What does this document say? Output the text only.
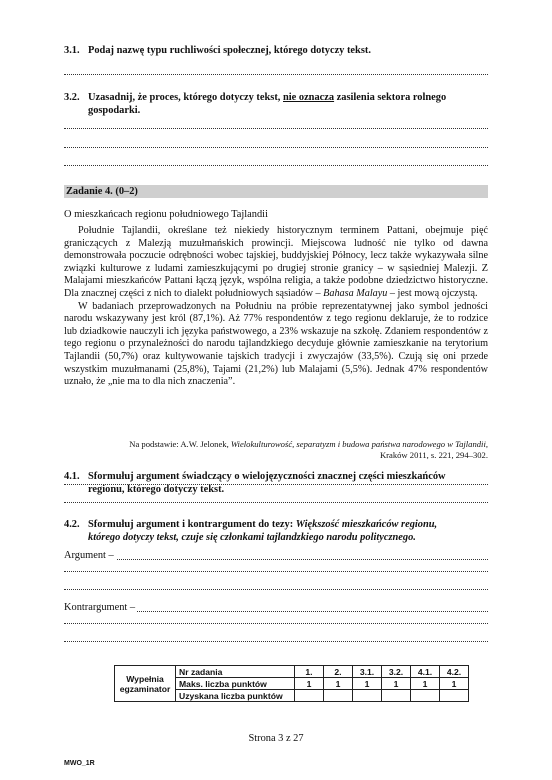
3.1. Podaj nazwę typu ruchliwości społecznej, którego dotyczy tekst.
3.2. Uzasadnij, że proces, którego dotyczy tekst, nie oznacza zasilenia sektora rolnego
gospodarki.
Zadanie 4. (0–2)
O mieszkańcach regionu południowego Tajlandii

Południe Tajlandii, określane też niekiedy historycznym terminem Pattani, obejmuje pięć graniczących z Malezją muzułmańskich prowincji. Miejscowa ludność nie tylko od dawna demonstrowała poczucie odrębności wobec tajskiej, buddyjskiej Północy, lecz także wykazywała silne związki kulturowe z ludami zamieszkującymi po drugiej stronie granicy – w sąsiedniej Malezji. Z Malajami mieszkańców Pattani łączą język, wspólna religia, a także podobne dziedzictwo historyczne. Dla znacznej części z nich to dialekt południowych sąsiadów – Bahasa Malayu – jest mową ojczystą.

W badaniach przeprowadzonych na Południu na próbie reprezentatywnej jako symbol jedności narodu wskazywany jest król (87,1%). Aż 77% respondentów z tego regionu deklaruje, że to rodzice lub dziadkowie nauczyli ich języka państwowego, a 23% wskazuje na szkołę. Zdaniem respondentów z tego regionu o przynależności do narodu tajlandzkiego decyduje głównie zamieszkanie na terytorium Tajlandii (50,7%) oraz kultywowanie tajskich tradycji i zwyczajów (33,5%). Czują się oni przede wszystkim muzułmanami (25,8%), Tajami (21,2%) lub Malajami (5,5%). Jednak 47% respondentów uznało, że „nie ma to dla nich znaczenia”.

Na podstawie: A.W. Jelonek, Wielokulturowość, separatyzm i budowa państwa narodowego w Tajlandii,
Kraków 2011, s. 221, 294–302.
4.1. Sformułuj argument świadczący o wielojęzyczności znacznej części mieszkańców
regionu, którego dotyczy tekst.
4.2. Sformułuj argument i kontrargument do tezy: Większość mieszkańców regionu,
którego dotyczy tekst, czuje się członkami tajlandzkiego narodu politycznego.
Argument –
Kontrargument –
Wypełnia egzaminator	Nr zadania	1.	2.	3.1.	3.2.	4.1.	4.2.
	Maks. liczba punktów	1	1	1	1	1	1
	Uzyskana liczba punktów						
Strona 3 z 27
MWO_1R
